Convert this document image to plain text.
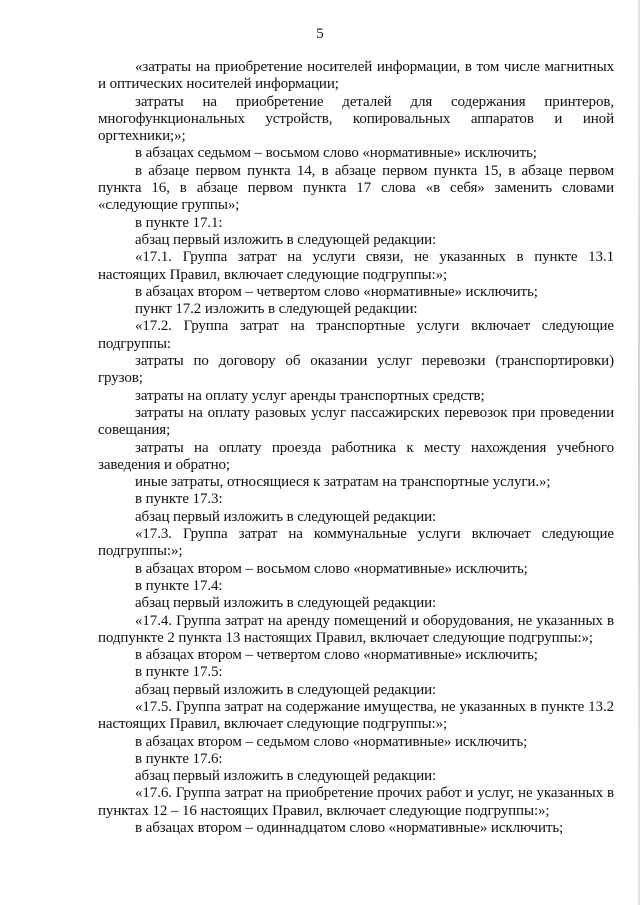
5

«затраты на приобретение носителей информации, в том числе магнитных и оптических носителей информации;

затраты на приобретение деталей для содержания принтеров, многофункциональных устройств, копировальных аппаратов и иной оргтехники;»;

в абзацах седьмом – восьмом слово «нормативные» исключить;

в абзаце первом пункта 14, в абзаце первом пункта 15, в абзаце первом пункта 16, в абзаце первом пункта 17 слова «в себя» заменить словами «следующие группы»;

в пункте 17.1:

абзац первый изложить в следующей редакции:

«17.1. Группа затрат на услуги связи, не указанных в пункте 13.1 настоящих Правил, включает следующие подгруппы:»;

в абзацах втором – четвертом слово «нормативные» исключить;

пункт 17.2 изложить в следующей редакции:

«17.2. Группа затрат на транспортные услуги включает следующие подгруппы:

затраты по договору об оказании услуг перевозки (транспортировки) грузов;

затраты на оплату услуг аренды транспортных средств;

затраты на оплату разовых услуг пассажирских перевозок при проведении совещания;

затраты на оплату проезда работника к месту нахождения учебного заведения и обратно;

иные затраты, относящиеся к затратам на транспортные услуги.»;

в пункте 17.3:

абзац первый изложить в следующей редакции:

«17.3. Группа затрат на коммунальные услуги включает следующие подгруппы:»;

в абзацах втором – восьмом слово «нормативные» исключить;

в пункте 17.4:

абзац первый изложить в следующей редакции:

«17.4. Группа затрат на аренду помещений и оборудования, не указанных в подпункте 2 пункта 13 настоящих Правил, включает следующие подгруппы:»;

в абзацах втором – четвертом слово «нормативные» исключить;

в пункте 17.5:

абзац первый изложить в следующей редакции:

«17.5. Группа затрат на содержание имущества, не указанных в пункте 13.2 настоящих Правил, включает следующие подгруппы:»;

в абзацах втором – седьмом слово «нормативные» исключить;

в пункте 17.6:

абзац первый изложить в следующей редакции:

«17.6. Группа затрат на приобретение прочих работ и услуг, не указанных в пунктах 12 – 16 настоящих Правил, включает следующие подгруппы:»;

в абзацах втором – одиннадцатом слово «нормативные» исключить;
